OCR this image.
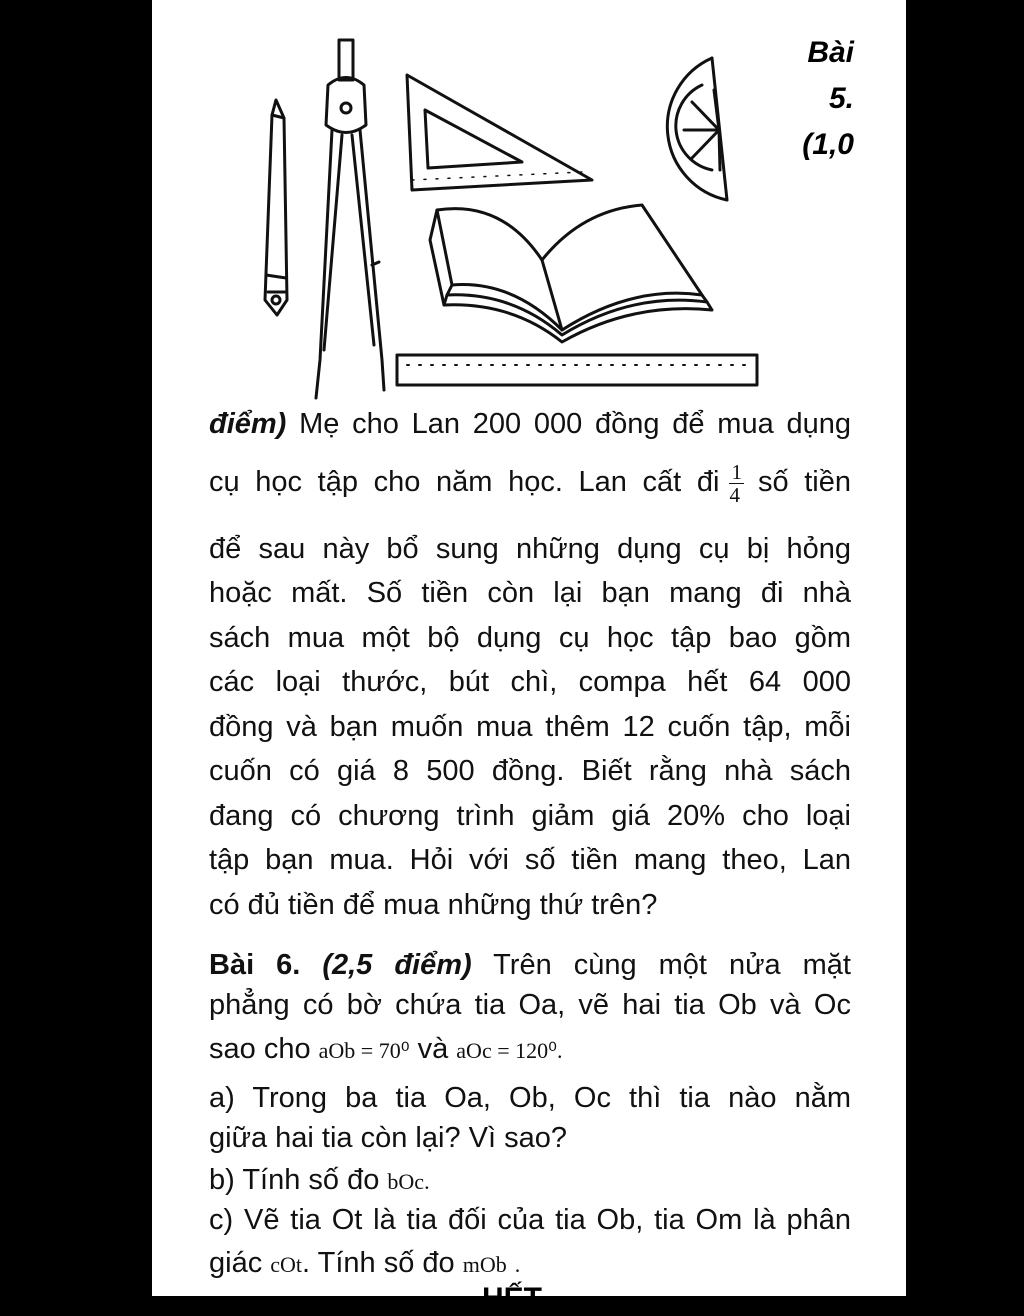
Bài
5.
(1,0
điểm) Mẹ cho Lan 200 000 đồng để mua dụng
cụ học tập cho năm học. Lan cất đi $\frac{1}{4}$ số tiền
để sau này bổ sung những dụng cụ bị hỏng
hoặc mất. Số tiền còn lại bạn mang đi nhà
sách mua một bộ dụng cụ học tập bao gồm
các loại thước, bút chì, compa hết 64 000
đồng và bạn muốn mua thêm 12 cuốn tập, mỗi
cuốn có giá 8 500 đồng. Biết rằng nhà sách
đang có chương trình giảm giá 20% cho loại
tập bạn mua. Hỏi với số tiền mang theo, Lan
có đủ tiền để mua những thứ trên?
Bài 6. (2,5 điểm) Trên cùng một nửa mặt
phẳng có bờ chứa tia Oa, vẽ hai tia Ob và Oc
sao cho aOb = 70⁰ và aOc = 120⁰.
a) Trong ba tia Oa, Ob, Oc thì tia nào nằm
giữa hai tia còn lại? Vì sao?
b) Tính số đo bOc.
c) Vẽ tia Ot là tia đối của tia Ob, tia Om là phân
giác cOt. Tính số đo mOb .
HẾT
